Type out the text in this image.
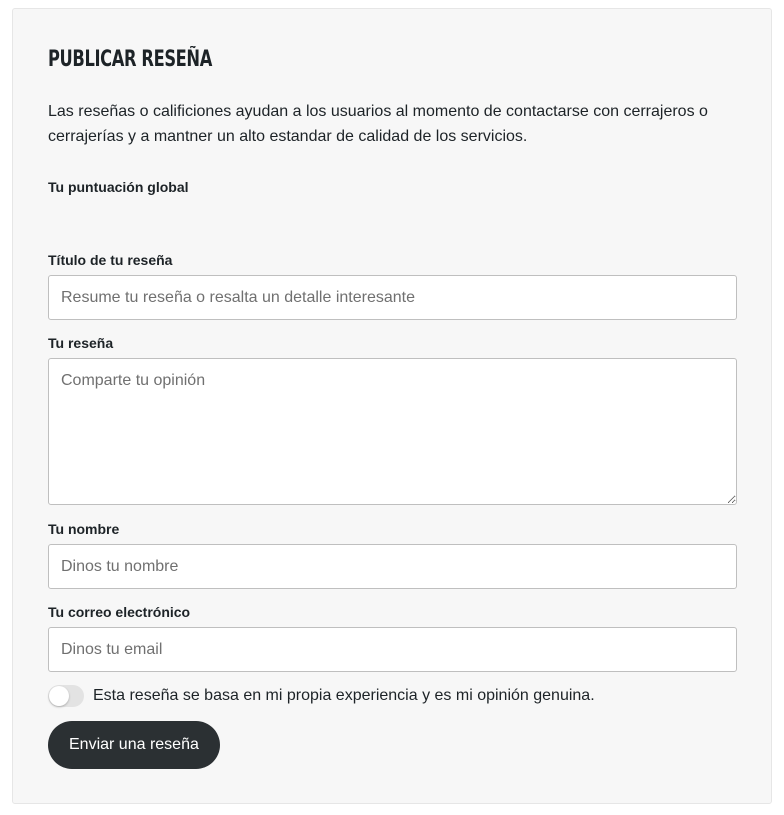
PUBLICAR RESEÑA

Las reseñas o calificiones ayudan a los usuarios al momento de contactarse con cerrajeros o cerrajerías y a mantner un alto estandar de calidad de los servicios.

Tu puntuación global
Título de tu reseña
Resume tu reseña o resalta un detalle interesante
Tu reseña
Comparte tu opinión
Tu nombre
Dinos tu nombre
Tu correo electrónico
Dinos tu email
Esta reseña se basa en mi propia experiencia y es mi opinión genuina.
Enviar una reseña
